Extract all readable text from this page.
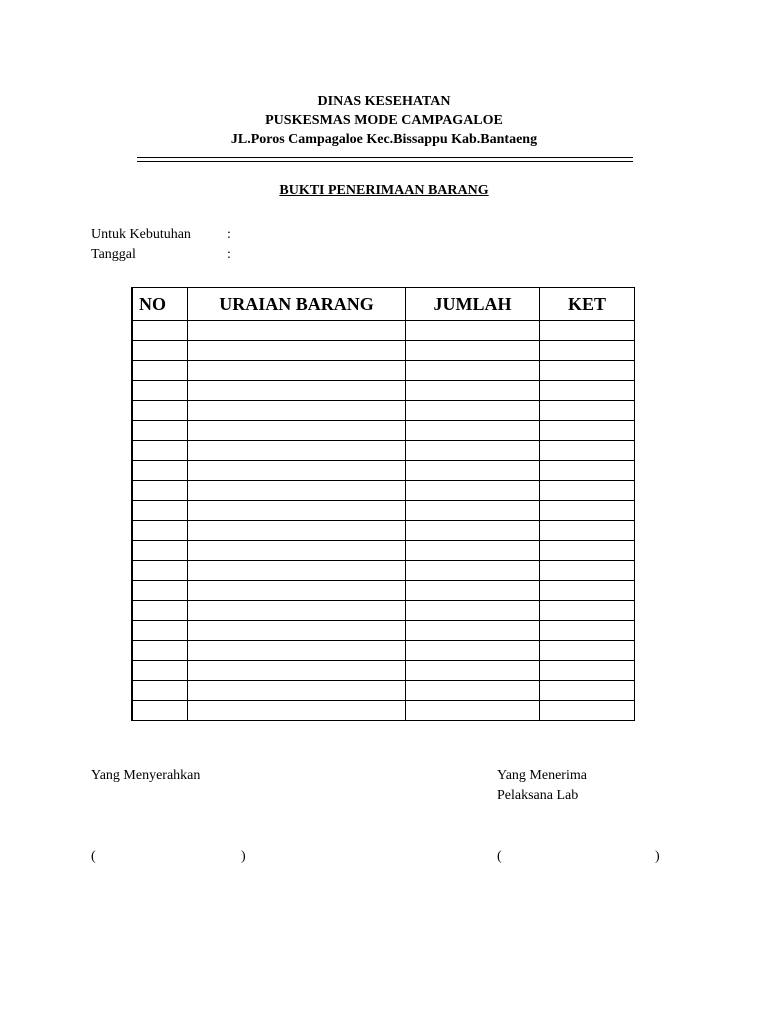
DINAS KESEHATAN
PUSKESMAS MODE CAMPAGALOE
JL.Poros Campagaloe Kec.Bissappu Kab.Bantaeng
BUKTI PENERIMAAN BARANG
Untuk Kebutuhan	:
Tanggal	:
NO	URAIAN BARANG	JUMLAH	KET

Yang Menyerahkan	Yang Menerima
Pelaksana Lab
(	)	(	)
